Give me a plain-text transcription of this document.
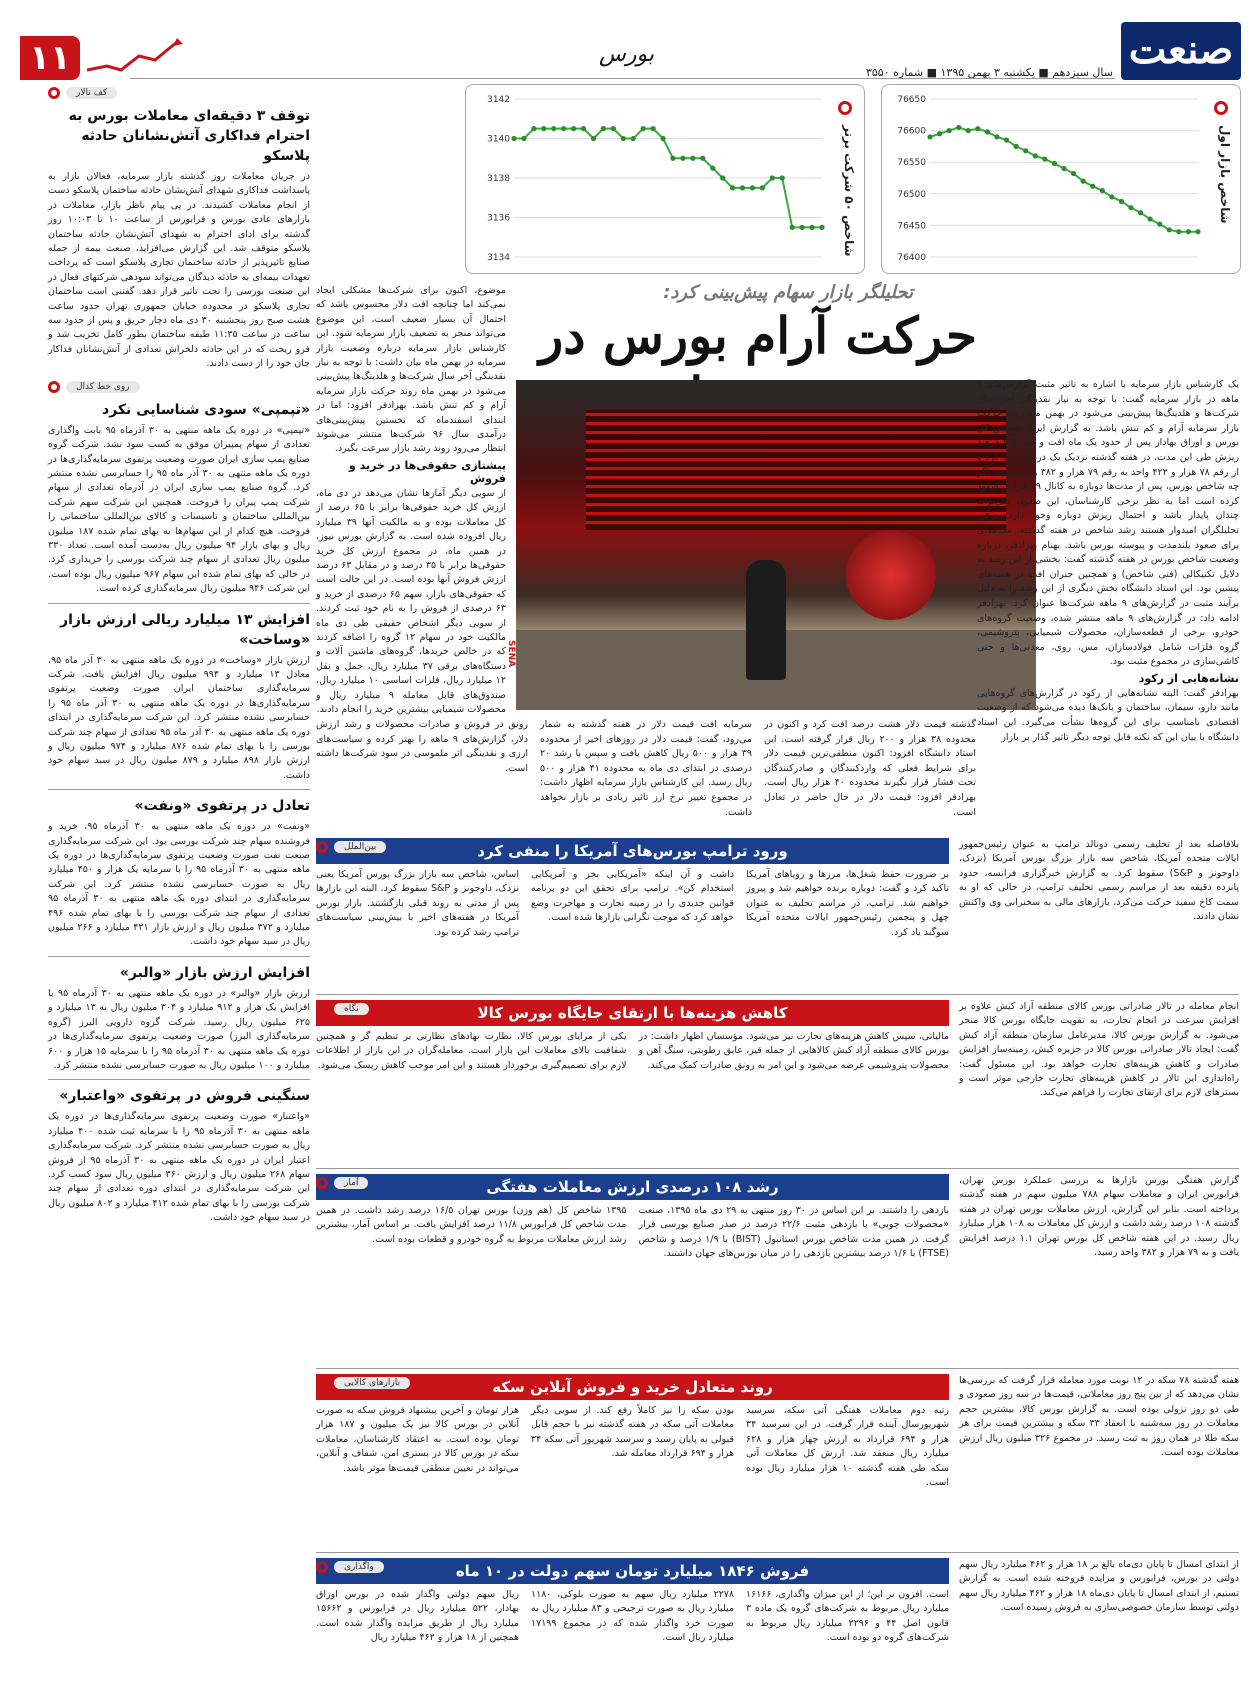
صنعت
سال سیزدهم ■ یکشنبه ۳ بهمن ۱۳۹۵ ■ شماره ۳۵۵۰
بورس
۱۱
شاخص بازار اول
76400
76450
76500
76550
76600
76650
شاخص ۵۰ شرکت برتر
3134
3136
3138
3140
3142
کف تالار
توقف ۳ دقیقه‌ای معاملات بورس به احترام فداکاری آتش‌نشانان حادثه پلاسکو
در جریان معاملات روز گذشته بازار سرمایه، فعالان بازار به پاسداشت فداکاری شهدای آتش‌نشان حادثه ساختمان پلاسکو دست از انجام معاملات کشیدند. در پی پیام ناظر بازار، معاملات در بازارهای عادی بورس و فرابورس از ساعت ۱۰ تا ۱۰:۰۳ روز گذشته برای ادای احترام به شهدای آتش‌نشان حادثه ساختمان پلاسکو متوقف شد. این گزارش می‌افزاید، صنعت بیمه از جمله صنایع تاثیرپذیر از حادثه ساختمان تجاری پلاسکو است که پرداخت تعهدات بیمه‌ای به حادثه دیدگان می‌تواند سودهی شرکتهای فعال در این صنعت بورسی را تحت تاثیر قرار دهد. گفتنی است ساختمان تجاری پلاسکو در محدوده خیابان جمهوری تهران حدود ساعت هشت صبح روز پنجشنبه ۳۰ دی ماه دچار حریق و پس از حدود سه ساعت در ساعت ۱۱:۳۵ طبقه ساختمان بطور کامل تخریب شد و فرو ریخت که در این حادثه دلخراش تعدادی از آتش‌نشانان فداکار جان خود را از دست دادند.
روی خط کدال
«تپمپی» سودی شناسایی نکرد
«تپمپی» در دوره یک ماهه منتهی به ۳۰ آذرماه ۹۵ بابت واگذاری تعدادی از سهام پمپیران موفق به کسب سود نشد. شرکت گروه صنایع پمپ سازی ایران صورت وضعیت پرتفوی سرمایه‌گذاری‌ها در دوره یک ماهه منتهی به ۳۰ آذر ماه ۹۵ را حسابرسی نشده منتشر کرد. گروه صنایع پمپ سازی ایران در آذرماه تعدادی از سهام شرکت پمپ پیران را فروخت. همچنین این شرکت سهم شرکت بین‌المللی ساختمان و تاسیسات و کالای بین‌المللی ساختمانی را فروخت. هیچ کدام از این سهام‌ها به بهای تمام شده ۱۸۷ میلیون ریال و بهای بازار ۹۴ میلیون ریال به‌دست آمده است. تعداد ۳۳۰ میلیون ریال تعدادی از سهام چند شرکت بورسی را خریداری کرد. در حالی که بهای تمام شده این سهام ۹۶۷ میلیون ریال بوده است. این شرکت ۹۴۶ میلیون ریال سرمایه‌گذاری کرده است.
افزایش ۱۳ میلیارد ریالی ارزش بازار «وساخت»
ارزش بازار «وساخت» در دوره یک ماهه منتهی به ۳۰ آذر ماه ۹۵، معادل ۱۳ میلیارد و ۹۹۴ میلیون ریال افزایش یافت. شرکت سرمایه‌گذاری ساختمان ایران صورت وضعیت پرتفوی سرمایه‌گذاری‌ها در دوره یک ماهه منتهی به ۳۰ آذر ماه ۹۵ را حسابرسی نشده منتشر کرد. این شرکت سرمایه‌گذاری در ابتدای دوره یک ماهه منتهی به ۳۰ آذر ماه ۹۵ تعدادی از سهام چند شرکت بورسی را با بهای تمام شده ۸۷۶ میلیارد و ۹۷۴ میلیون ریال و ارزش بازار ۸۹۸ میلیارد و ۸۷۹ میلیون ریال در سبد سهام خود داشت.
تعادل در پرتفوی «ونفت»
«ونفت» در دوره یک ماهه منتهی به ۳۰ آذرماه ۹۵، خرید و فروشنده سهام چند شرکت بورسی بود. این شرکت سرمایه‌گذاری صنعت نفت صورت وضعیت پرتفوی سرمایه‌گذاری‌ها در دوره یک ماهه منتهی به ۳۰ آذرماه ۹۵ را با سرمایه یک هزار و ۴۵۰ میلیارد ریال به صورت حسابرسی نشده منتشر کرد. این شرکت سرمایه‌گذاری در ابتدای دوره یک ماهه منتهی به ۳۰ آذرماه ۹۵ تعدادی از سهام چند شرکت بورسی را با بهای تمام شده ۴۹۶ میلیارد و ۳۷۲ میلیون ریال و ارزش بازار ۴۲۱ میلیارد و ۲۶۶ میلیون ریال در سبد سهام خود داشت.
افزایش ارزش بازار «والبر»
ارزش بازار «والبر» در دوره یک ماهه منتهی به ۳۰ آذرماه ۹۵ با افزایش یک هزار و ۹۱۲ میلیارد و ۳۰۴ میلیون ریال به ۱۳ میلیارد و ۶۲۵ میلیون ریال رسید. شرکت گروه دارویی البرز (گروه سرمایه‌گذاری البرز) صورت وضعیت پرتفوی سرمایه‌گذاری‌ها در دوره یک ماهه منتهی به ۳۰ آذرماه ۹۵ را با سرمایه ۱۵ هزار و ۶۰۰ میلیارد و ۱۰۰ میلیون ریال به صورت حسابرسی نشده منتشر کرد.
سنگینی فروش در پرتفوی «واعتبار»
«واعتبار» صورت وضعیت پرتفوی سرمایه‌گذاری‌ها در دوره یک ماهه منتهی به ۳۰ آذرماه ۹۵ را با سرمایه ثبت شده ۴۰۰ میلیارد ریال به صورت حسابرسی نشده منتشر کرد. شرکت سرمایه‌گذاری اعتبار ایران در دوره یک ماهه منتهی به ۳۰ آذرماه ۹۵ از فروش سهام ۲۶۸ میلیون ریال و ارزش ۳۶۰ میلیون ریال سود کسب کرد. این شرکت سرمایه‌گذاری در ابتدای دوره تعدادی از سهام چند شرکت بورسی را با بهای تمام شده ۴۱۲ میلیارد و ۸۰۲ میلیون ریال در سبد سهام خود داشت.
تحلیلگر بازار سهام پیش‌بینی کرد:
حرکت آرام بورس در
موضوع، اکنون برای شرکت‌ها مشکلی ایجاد نمی‌کند اما چنانچه افت دلار محسوس باشد که احتمال آن بسیار ضعیف است، این موضوع می‌تواند منجر به تضعیف بازار سرمایه شود. این کارشناس بازار سرمایه درباره وضعیت بازار سرمایه در بهمن ماه بیان داشت: با توجه به نیاز نقدینگی آخر سال شرکت‌ها و هلدینگ‌ها پیش‌بینی می‌شود در بهمن ماه روند حرکت بازار سرمایه آرام و کم تنش باشد. بهزادفر افزود: اما در ابتدای اسفندماه که نخستین پیش‌بینی‌های درآمدی سال ۹۶ شرکت‌ها منتشر می‌شوند انتظار می‌رود روند رشد بازار سرعت بگیرد.
پیشتازی حقوقی‌ها در خرید و فروش
از سویی دیگر آمارها نشان می‌دهد در دی ماه، ارزش کل خرید حقوقی‌ها برابر با ۶۵ درصد از کل معاملات بوده و به مالکیت آنها ۳۹ میلیارد ریال افزوده شده است. به گزارش بورس نیوز، در همین ماه، در مجموع ارزش کل خرید حقوقی‌ها برابر با ۳۵ درصد و در مقابل ۶۳ درصد ارزش فروش آنها بوده است. در این حالت است که حقوقی‌های بازار، سهم ۶۵ درصدی از خرید و ۶۳ درصدی از فروش را به نام خود ثبت کردند. از سویی دیگر اشخاص حقیقی طی دی ماه مالکیت خود در سهام ۱۲ گروه را اضافه کردند که در خالص خریدها، گروه‌های ماشین آلات و دستگاه‌های برقی ۳۷ میلیارد ریال، حمل و نقل ۱۲ میلیارد ریال، فلزات اساسی ۱۰ میلیارد ریال، صندوق‌های قابل معامله ۹ میلیارد ریال و محصولات شیمیایی بیشترین خرید را انجام دادند.
SENA
یک کارشناس بازار سرمایه با اشاره به تاثیر مثبت گزارش‌های ۹ ماهه در بازار سرمایه گفت: با توجه به نیاز نقدینگی آخر سال شرکت‌ها و هلدینگ‌ها پیش‌بینی می‌شود در بهمن ماه روند حرکت بازار سرمایه آرام و کم تنش باشد. به گزارش ایرنا، شاخص کل بورس و اوراق بهادار پس از حدود یک ماه افت و ثبت ۳.۵ درصد ریزش طی این مدت، در هفته گذشته نزدیک یک درصد رشد کرد و از رقم ۷۸ هزار و ۴۲۲ واحد به رقم ۷۹ هزار و ۳۸۲ واحد رسید. اگر چه شاخص بورس، پس از مدت‌ها دوباره به کانال ۷۹ هزاری صعود کرده است اما به نظر برخی کارشناسان، این صعود، نمی‌تواند چندان پایدار باشد و احتمال ریزش دوباره وجود دارد. برخی تحلیلگران امیدوار هستند رشد شاخص در هفته گذشته، مقدمه‌ای برای صعود بلندمدت و پیوسته بورس باشد. بهنام بهزادفر، درباره وضعیت شاخص بورس در هفته گذشته گفت: بخشی از این رشد به دلایل تکنیکالی (فنی شاخص) و همچنین جبران افت در هفته‌های پیشین بود. این استاد دانشگاه بخش دیگری از این رشد را به دلیل برآیند مثبت در گزارش‌های ۹ ماهه شرکت‌ها عنوان کرد. بهزادفر ادامه داد: در گزارش‌های ۹ ماهه منتشر شده، وضعیت گروه‌های خودرو، برخی از قطعه‌سازان، محصولات شیمیایی، پتروشیمی، گروه فلزات شامل فولادسازان، مس، روی، معدنی‌ها و حتی کاشی‌سازی در مجموع مثبت بود.
نشانه‌هایی از رکود
بهزادفر گفت: البته نشانه‌هایی از رکود در گزارش‌های گروه‌هایی مانند دارو، سیمان، ساختمان و بانک‌ها دیده می‌شود که از وضعیت اقتصادی نامناسب برای این گروه‌ها نشأت می‌گیرد. این استاد دانشگاه با بیان این که نکته قابل توجه دیگر تاثیر گذار بر بازار
رونق در فروش و صادرات محصولات و رشد ارزش دلار، گزارش‌های ۹ ماهه را بهتر کرده و سیاست‌های ارزی و نقدینگی اثر ملموسی در سود شرکت‌ها داشته است.
سرمایه افت قیمت دلار در هفته گذشته به شمار می‌رود، گفت: قیمت دلار در روزهای اخیر از محدوده ۳۹ هزار و ۵۰۰ ریال کاهش یافت و سپس با رشد ۲۰ درصدی در ابتدای دی ماه به محدوده ۴۱ هزار و ۵۰۰ ریال رسید. این کارشناس بازار سرمایه اظهار داشت: در مجموع تغییر نرخ ارز تاثیر زیادی بر بازار نخواهد داشت.
گذشته قیمت دلار هشت درصد افت کرد و اکنون در محدوده ۳۸ هزار و ۲۰۰ ریال قرار گرفته است. این استاد دانشگاه افزود: اکنون منطقی‌ترین قیمت دلار برای شرایط فعلی که واردکنندگان و صادرکنندگان تحت فشار قرار نگیرند محدوده ۴۰ هزار ریال است. بهزادفر افزود: قیمت دلار در حال حاضر در تعادل است.
بین‌الملل	بلافاصله بعد از تحلیف رسمی دونالد ترامپ به عنوان رئیس‌جمهور ایالات متحده آمریکا، شاخص سه بازار بزرگ بورس آمریکا (نزدک، داوجونز و S&P) سقوط کرد. به گزارش خبرگزاری فرانسه، حدود پانزده دقیقه بعد از مراسم رسمی تحلیف ترامپ، در حالی که او به سمت کاخ سفید حرکت می‌کرد، بازارهای مالی به سخنرانی وی واکنش نشان دادند.
ورود ترامپ بورس‌های آمریکا را منفی کرد
اساس، شاخص سه بازار بزرگ بورس آمریکا یعنی نزدک، داوجونز و S&P سقوط کرد. البته این بازارها پس از مدتی به روند قبلی بازگشتند. بازار بورس آمریکا در هفته‌های اخیر با بیش‌بینی سیاست‌های ترامپ رشد کرده بود.
داشت و آن اینکه «آمریکایی بخر و آمریکایی استخدام کن». ترامپ برای تحقق این دو برنامه قوانین جدیدی را در زمینه تجارت و مهاجرت وضع خواهد کرد که موجب نگرانی بازارها شده است.
بر ضرورت حفظ شغل‌ها، مرزها و رویاهای آمریکا تاکید کرد و گفت: دوباره برنده خواهیم شد و پیروز خواهیم شد. ترامپ، در مراسم تحلیف به عنوان چهل و پنجمین رئیس‌جمهور ایالات متحده آمریکا سوگند یاد کرد.
نگاه	انجام معامله در تالار صادراتی بورس کالای منطقه آزاد کیش علاوه بر افزایش سرعت در انجام تجارت، به تقویت جایگاه بورس کالا منجر می‌شود. به گزارش بورس کالا، مدیرعامل سازمان منطقه آزاد کیش گفت: ایجاد تالار صادراتی بورس کالا در جزیره کیش، زمینه‌ساز افزایش صادرات و کاهش هزینه‌های تجارت خواهد بود. این مسئول گفت: راه‌اندازی این تالار در کاهش هزینه‌های تجارت خارجی موثر است و بسترهای لازم برای ارتقای تجارت را فراهم می‌کند.
کاهش هزینه‌ها با ارتقای جایگاه بورس کالا
یکی از مزایای بورس کالا، نظارت نهادهای نظارتی بر تنظیم گر و همچنین شفافیت بالای معاملات این بازار است. معامله‌گران در این بازار از اطلاعات لازم برای تصمیم‌گیری برخوردار هستند و این امر موجب کاهش ریسک می‌شود.
مالیاتی، سپس کاهش هزینه‌های تجارت نیز می‌شود. مؤسسان اظهار داشت: در بورس کالای منطقه آزاد کیش کالاهایی از جمله قیر، عایق رطوبتی، سنگ آهن و محصولات پتروشیمی عرضه می‌شود و این امر به رونق صادرات کمک می‌کند.
آمار	گزارش هفتگی بورس بازارها به بررسی عملکرد بورس تهران، فرابورس ایران و معاملات سهام ۷۸۸ میلیون سهم در هفته گذشته پرداخته است. بنابر این گزارش، ارزش معاملات بورس تهران در هفته گذشته ۱۰۸ درصد رشد داشت و ارزش کل معاملات به ۱۰۸ هزار میلیارد ریال رسید. در این هفته شاخص کل بورس تهران ۱.۱ درصد افزایش یافت و به ۷۹ هزار و ۳۸۲ واحد رسید.
رشد ۱۰۸ درصدی ارزش معاملات هفتگی
۱۳۹۵ شاخص کل (هم وزن) بورس تهران ۱۶/۵ درصد رشد داشت. در همین مدت شاخص کل فرابورس ۱۱/۸ درصد افزایش یافت. بر اساس آمار، بیشترین رشد ارزش معاملات مربوط به گروه خودرو و قطعات بوده است.
بازدهی را داشتند. بر این اساس در ۳۰ روز منتهی به ۲۹ دی ماه ۱۳۹۵، صنعت «محصولات چوبی» با بازدهی مثبت ۲۲/۶ درصد در صدر صنایع بورسی قرار گرفت. در همین مدت شاخص بورس استانبول (BIST) با ۱/۹ درصد و شاخص (FTSE) با ۱/۶ درصد بیشترین بازدهی را در میان بورس‌های جهان داشتند.
بازارهای کالایی	هفته گذشته ۷۸ سکه در ۱۲ نوبت مورد معامله قرار گرفت که بررسی‌ها نشان می‌دهد که از بین پنج روز معاملاتی، قیمت‌ها در سه روز صعودی و طی دو روز نزولی بوده است. به گزارش بورس کالا، بیشترین حجم معاملات در روز سه‌شنبه با انعقاد ۳۳ سکه و بیشترین قیمت برای هر سکه طلا در همان روز به ثبت رسید. در مجموع ۳۲۶ میلیون ریال ارزش معاملات بوده است.
روند متعادل خرید و فروش آنلاین سکه
هزار تومان و آخرین پیشنهاد فروش سکه به صورت آنلاین در بورس کالا نیز یک میلیون و ۱۸۷ هزار تومان بوده است. به اعتقاد کارشناسان، معاملات سکه در بورس کالا در بستری امن، شفاف و آنلاین، می‌تواند در تعیین منطقی قیمت‌ها موثر باشد.
بودن سکه را نیز کاملاً رفع کند. از سویی دیگر معاملات آتی سکه در هفته گذشته نیز با حجم قابل قبولی به پایان رسید و سرسید شهریور آتی سکه ۳۴ هزار و ۶۹۴ قرارداد معامله شد.
رتبه دوم معاملات هفتگی آتی سکه، سرسید شهریورسال آینده قرار گرفت. در این سرسید ۳۴ هزار و ۶۹۴ قرارداد به ارزش چهار هزار و ۶۲۸ میلیارد ریال منعقد شد. ارزش کل معاملات آتی سکه طی هفته گذشته ۱۰ هزار میلیارد ریال بوده است.
واگذاری	از ابتدای امسال تا پایان دی‌ماه بالغ بر ۱۸ هزار و ۴۶۲ میلیارد ریال سهم دولتی در بورس، فرابورس و مزایده فروخته شده است. به گزارش تسنیم، از ابتدای امسال تا پایان دی‌ماه ۱۸ هزار و ۴۶۲ میلیارد ریال سهم دولتی توسط سازمان خصوصی‌سازی به فروش رسیده است.
فروش ۱۸۴۶ میلیارد تومان سهم دولت در ۱۰ ماه
ریال سهم دولتی واگذار شده در بورس اوراق بهادار، ۵۲۲ میلیارد ریال در فرابورس و ۱۵۶۶۲ میلیارد ریال از طریق مزایده واگذار شده است. همچنین از ۱۸ هزار و ۴۶۲ میلیارد ریال
۲۲۷۸ میلیارد ریال سهم به صورت بلوکی، ۱۱۸۰ میلیارد ریال به صورت ترجیحی و ۸۳ میلیارد ریال به صورت خرد واگذار شده که در مجموع ۱۷۱۹۹ میلیارد ریال است.
است. افزون بر این؛ از این میزان واگذاری، ۱۶۱۶۶ میلیارد ریال مربوط به شرکت‌های گروه یک ماده ۳ قانون اصل ۴۴ و ۲۲۹۶ میلیارد ریال مربوط به شرکت‌های گروه دو بوده است.
